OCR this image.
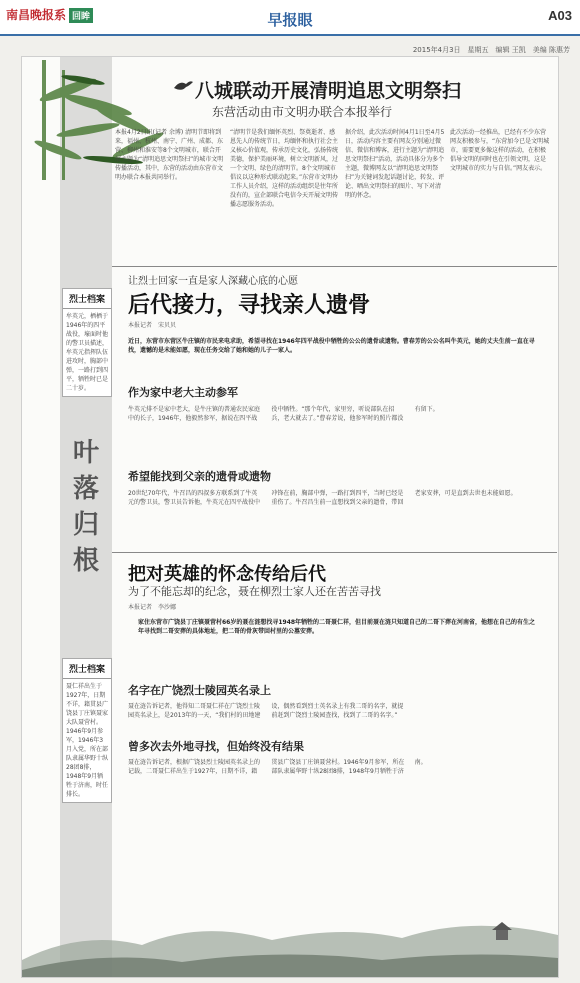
南昌晚报系 回眸	早报眼	A03
2015年4月3日　星期五　编辑 王凯　美编 陈惠芳
八城联动开展清明追思文明祭扫
东营活动由市文明办联合本报举行

本报4月2日讯(记者 余博) 清明节即将到来，福州、杭州、南宁、广州、成都、东营、柳州和淮安等8个文明城市，联合开展主题为“清明追思文明祭扫”的城市文明传播活动，其中，东营的活动由东营市文明办联合本报共同举行。

“清明节是我们缅怀英烈、祭奠逝者、感恩先人的传统节日，均缅怀和执行社会主义核心价值观，传承历史文化，弘扬传统美德，保护美丽环境，树立文明新风，过一个文明、绿色的清明节。8个文明城市倡议以这种形式联动起来。”东营市文明办工作人员介绍，这样的活动组织是往年所没有的，宣企部联合电信今天开展文明传播志愿服务活动。

据介绍，此次活动时间4月1日至4月5日，活动内容主要有网友分别通过微信、微信和博客，进行主题为“清明追思文明祭扫”活动，活动具体分为多个主题，微博网友以“清明追思文明祭扫”为关键词发起话题讨论，转发、评论、晒出文明祭扫的图片、写下对清明的怀念。

此次活动一经推出，已经有不少东营网友积极参与，“东营加今已是文明城市，需要更多像这样的活动，在积极倡导文明的同时也在引领文明，这是文明城市的实力与自信。”网友表示。

烈士档案
牟英元，栖栖于1946年的四平战役，壕面时他的警卫员描述，牟英元指挥队伍进攻时，胸部中弹，一路打到四平，牺牲时已是二十岁。
让烈士回家一直是家人深藏心底的心愿
后代接力，寻找亲人遗骨
本报记者　宋贝贝
近日，东营市东营区牛庄镇的市民来电求助，希望寻找在1946年四平战役中牺牲的公公的遗骨或遗物。曹春芳的公公名叫牛英元，她的丈夫生前一直在寻找，遗憾的是未能如愿，现在任务交给了她和她的儿子一家人。
作为家中老大主动参军

牛英元排不是家中老大，是牛庄镇的普通农民家庭中的长子，1946年，他毅然参军，据说在四平战役中牺牲。“那个年代，家里穷，听说部队在招兵，老大就去了。”曹春芳说，他参军时的照片都没有留下。

希望能找到父亲的遗骨或遗物

20世纪70年代，牛召昌的四叔多方联系到了牛英元的警卫员，警卫员告诉他，牛英元在四平战役中冲锋在前，胸部中弹，一路打到四平，当时已经是重伤了。牛召昌生前一直想找到父亲的遗骨，带回老家安葬，可是直到去世也未能如愿。

叶落归根	把对英雄的怀念传给后代
为了不能忘却的纪念，聂在柳烈士家人还在苦苦寻找
本报记者　李沙娜
家住东营市广饶县丁庄镇聂营村66岁的聂在涟想找寻1948年牺牲的二哥聂仁祥，但目前聂在涟只知道自己的二哥下葬在河南省，他想在自己的有生之年寻找到二哥安葬的具体地址，把二哥的骨灰带回村里的公墓安葬。
烈士档案
聂仁祥出生于1927年，日期不详，籍贯县广饶县丁庄镇聂家大队聂营村。1946年9月参军，1946年3月入党，所在部队隶属华野十纵28团8排，1948年9月牺牲于济南，时任排长。
名字在广饶烈士陵园英名录上

聂在涟告诉记者，他得知二哥聂仁祥在广饶烈士陵园英名录上，是2013年的一天，“我们村的田地建设，偶然看到烈士英名录上有我二哥的名字，就提前赶到广饶烈士陵园查找，找到了二哥的名字。”

曾多次去外地寻找，但始终没有结果

聂在涟告诉记者，根据广饶县烈士陵园英名录上的记载，二哥聂仁祥出生于1927年，日期不详，籍贯县广饶县丁庄镇聂营村。1946年9月参军，所在部队隶属华野十纵28团8排，1948年9月牺牲于济南。
